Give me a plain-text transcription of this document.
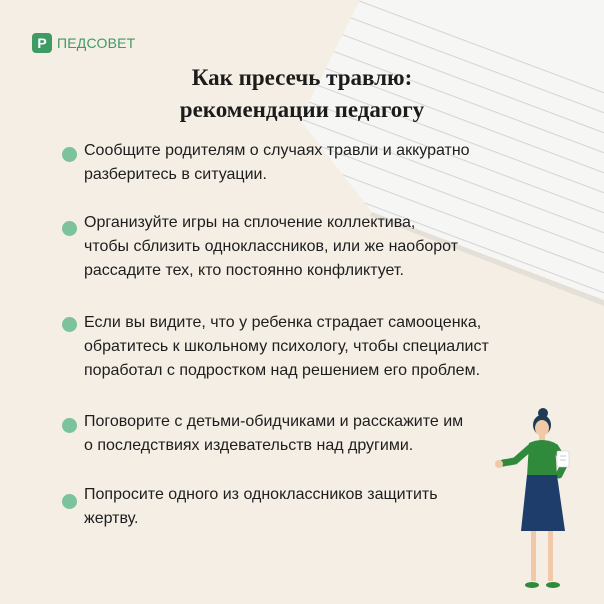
P ПЕДСОВЕТ
Как пресечь травлю:
рекомендации педагогу
Сообщите родителям о случаях травли и аккуратно
разберитесь в ситуации.
Организуйте игры на сплочение коллектива,
чтобы сблизить одноклассников, или же наоборот
рассадите тех, кто постоянно конфликтует.
Если вы видите, что у ребенка страдает самооценка,
обратитесь к школьному психологу, чтобы специалист
поработал с подростком над решением его проблем.
Поговорите с детьми-обидчиками и расскажите им
о последствиях издевательств над другими.
Попросите одного из одноклассников защитить
жертву.
